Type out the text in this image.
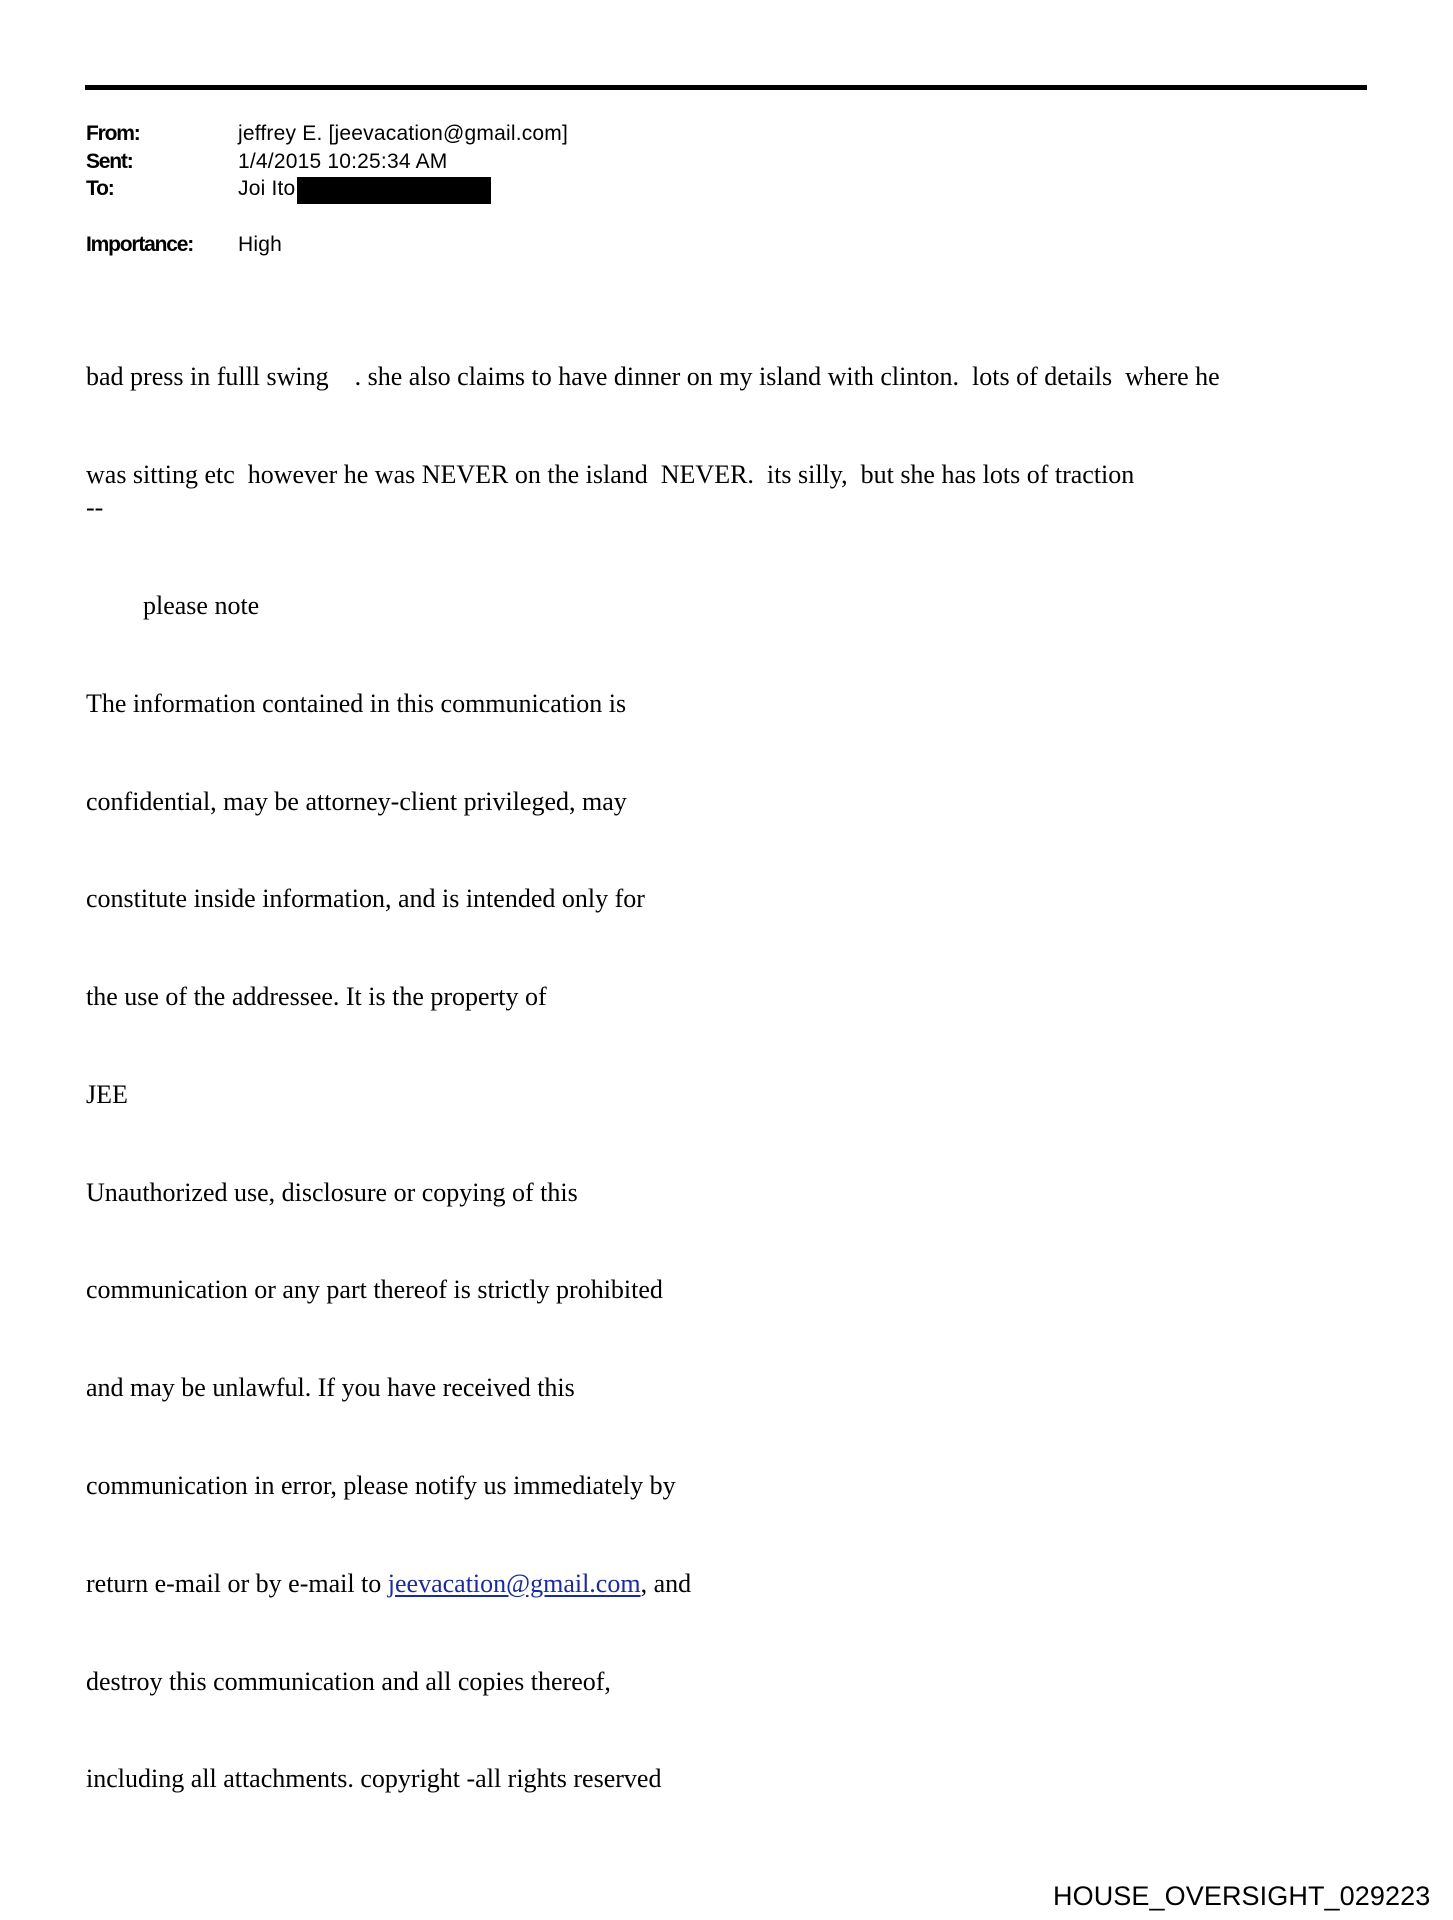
From:	jeffrey E. [jeevacation@gmail.com]
Sent:	1/4/2015 10:25:34 AM
To:	Joi Ito
Importance: High

bad press in fulll swing    . she also claims to have dinner on my island with clinton.  lots of details  where he

was sitting etc  however he was NEVER on the island  NEVER.  its silly,  but she has lots of traction

--

please note

The information contained in this communication is

confidential, may be attorney-client privileged, may

constitute inside information, and is intended only for

the use of the addressee. It is the property of

JEE

Unauthorized use, disclosure or copying of this

communication or any part thereof is strictly prohibited

and may be unlawful. If you have received this

communication in error, please notify us immediately by

return e-mail or by e-mail to jeevacation@gmail.com, and

destroy this communication and all copies thereof,

including all attachments. copyright -all rights reserved

HOUSE_OVERSIGHT_029223
